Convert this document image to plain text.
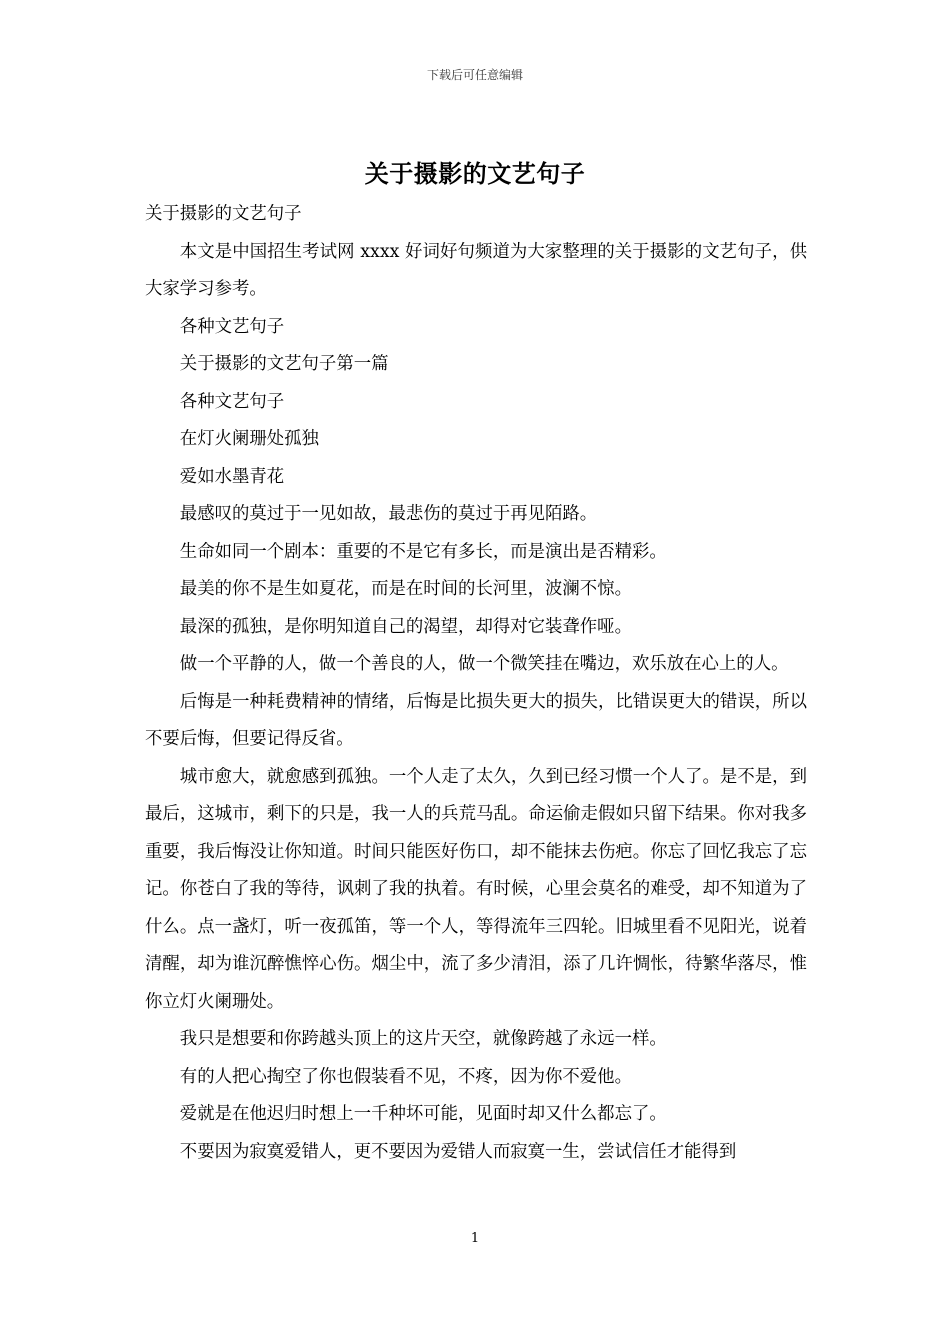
下载后可任意编辑
关于摄影的文艺句子

关于摄影的文艺句子

本文是中国招生考试网 xxxx 好词好句频道为大家整理的关于摄影的文艺句子，供大家学习参考。

各种文艺句子

关于摄影的文艺句子第一篇

各种文艺句子

在灯火阑珊处孤独

爱如水墨青花

最感叹的莫过于一见如故，最悲伤的莫过于再见陌路。

生命如同一个剧本：重要的不是它有多长，而是演出是否精彩。

最美的你不是生如夏花，而是在时间的长河里，波澜不惊。

最深的孤独，是你明知道自己的渴望，却得对它装聋作哑。

做一个平静的人，做一个善良的人，做一个微笑挂在嘴边，欢乐放在心上的人。

后悔是一种耗费精神的情绪，后悔是比损失更大的损失，比错误更大的错误，所以不要后悔，但要记得反省。

城市愈大，就愈感到孤独。一个人走了太久，久到已经习惯一个人了。是不是，到最后，这城市，剩下的只是，我一人的兵荒马乱。命运偷走假如只留下结果。你对我多重要，我后悔没让你知道。时间只能医好伤口，却不能抹去伤疤。你忘了回忆我忘了忘记。你苍白了我的等待，讽刺了我的执着。有时候，心里会莫名的难受，却不知道为了什么。点一盏灯，听一夜孤笛，等一个人，等得流年三四轮。旧城里看不见阳光，说着清醒，却为谁沉醉憔悴心伤。烟尘中，流了多少清泪，添了几许惆怅，待繁华落尽，惟你立灯火阑珊处。

我只是想要和你跨越头顶上的这片天空，就像跨越了永远一样。

有的人把心掏空了你也假装看不见，不疼，因为你不爱他。

爱就是在他迟归时想上一千种坏可能，见面时却又什么都忘了。

不要因为寂寞爱错人，更不要因为爱错人而寂寞一生，尝试信任才能得到

1
